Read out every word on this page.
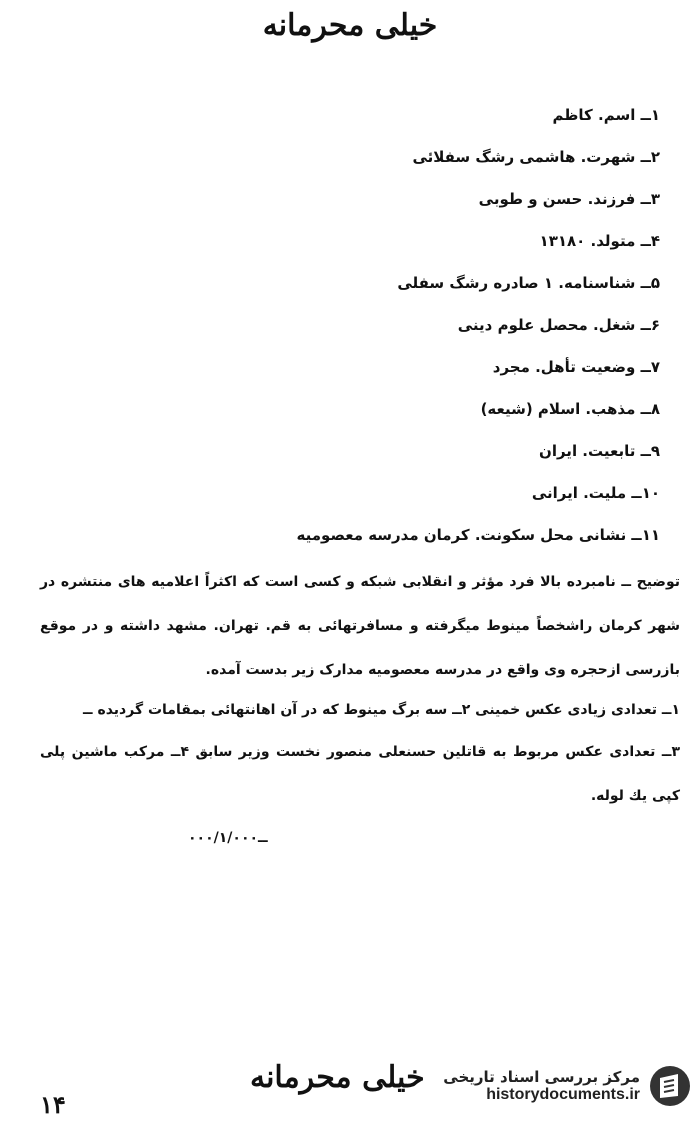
خیلی محرمانه
۱ــ اسم. کاظم
۲ــ شهرت. هاشمی رشگ سفلائی
۳ــ فرزند. حسن و طوبی
۴ــ متولد. ۱۳۱۸۰
۵ــ شناسنامه. ۱ صادره رشگ سفلی
۶ــ شغل. محصل علوم دینی
۷ــ وضعیت تأهل. مجرد
۸ــ مذهب. اسلام (شیعه)
۹ــ تابعیت. ایران
۱۰ــ ملیت. ایرانی
۱۱ــ نشانی محل سکونت. کرمان مدرسه معصومیه
توضیح ــ نامبرده بالا فرد مؤثر و انقلابی شبکه و کسی است که اکثراً اعلامیه های منتشره در شهر کرمان راشخصاً مینوط میگرفته و مسافرتهائی به قم. تهران. مشهد داشته و در موقع بازرسی ازحجره وی واقع در مدرسه معصومیه مدارک زیر بدست آمده.
۱ــ تعدادی زیادی عکس خمینی ۲ــ سه برگ مینوط که در آن اهانتهائی بمقامات گردیده ــ
۳ــ تعدادی عکس مربوط به قاتلین حسنعلی منصور نخست وزیر سابق ۴ــ مرکب ماشین پلی کپی یك لوله.
۰۰۰/ــ۱/۰۰۰
خیلی محرمانه
۱۴
مرکز بررسی اسناد تاریخی
historydocuments.ir
